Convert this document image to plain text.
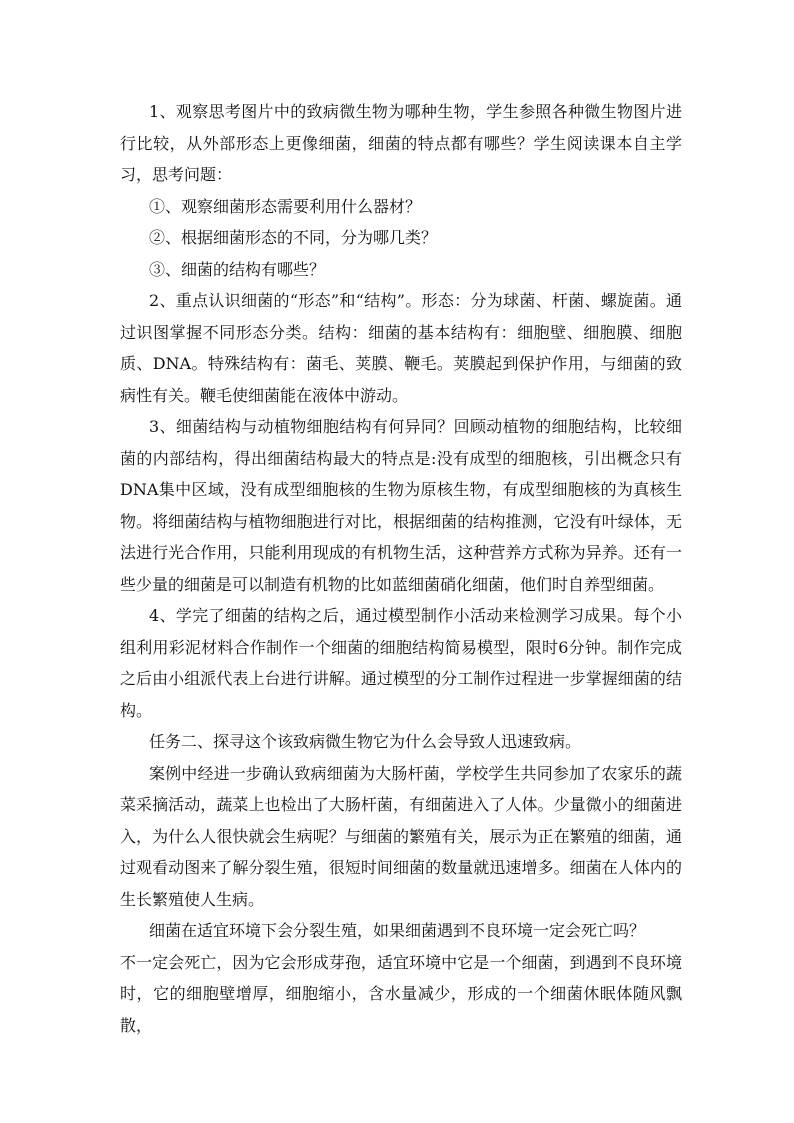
1、观察思考图片中的致病微生物为哪种生物，学生参照各种微生物图片进行比较，从外部形态上更像细菌，细菌的特点都有哪些？学生阅读课本自主学习，思考问题：

①、观察细菌形态需要利用什么器材？

②、根据细菌形态的不同，分为哪几类？

③、细菌的结构有哪些？

2、重点认识细菌的“形态”和“结构”。形态：分为球菌、杆菌、螺旋菌。通过识图掌握不同形态分类。结构：细菌的基本结构有：细胞壁、细胞膜、细胞质、DNA。特殊结构有：菌毛、荚膜、鞭毛。荚膜起到保护作用，与细菌的致病性有关。鞭毛使细菌能在液体中游动。

3、细菌结构与动植物细胞结构有何异同？回顾动植物的细胞结构，比较细菌的内部结构，得出细菌结构最大的特点是:没有成型的细胞核，引出概念只有DNA集中区域，没有成型细胞核的生物为原核生物，有成型细胞核的为真核生物。将细菌结构与植物细胞进行对比，根据细菌的结构推测，它没有叶绿体，无法进行光合作用，只能利用现成的有机物生活，这种营养方式称为异养。还有一些少量的细菌是可以制造有机物的比如蓝细菌硝化细菌，他们时自养型细菌。

4、学完了细菌的结构之后，通过模型制作小活动来检测学习成果。每个小组利用彩泥材料合作制作一个细菌的细胞结构简易模型，限时6分钟。制作完成之后由小组派代表上台进行讲解。通过模型的分工制作过程进一步掌握细菌的结构。

任务二、探寻这个该致病微生物它为什么会导致人迅速致病。

案例中经进一步确认致病细菌为大肠杆菌，学校学生共同参加了农家乐的蔬菜采摘活动，蔬菜上也检出了大肠杆菌，有细菌进入了人体。少量微小的细菌进入，为什么人很快就会生病呢？与细菌的繁殖有关，展示为正在繁殖的细菌，通过观看动图来了解分裂生殖，很短时间细菌的数量就迅速增多。细菌在人体内的生长繁殖使人生病。

细菌在适宜环境下会分裂生殖，如果细菌遇到不良环境一定会死亡吗？

不一定会死亡，因为它会形成芽孢，适宜环境中它是一个细菌，到遇到不良环境时，它的细胞壁增厚，细胞缩小，含水量减少，形成的一个细菌休眠体随风飘散，
